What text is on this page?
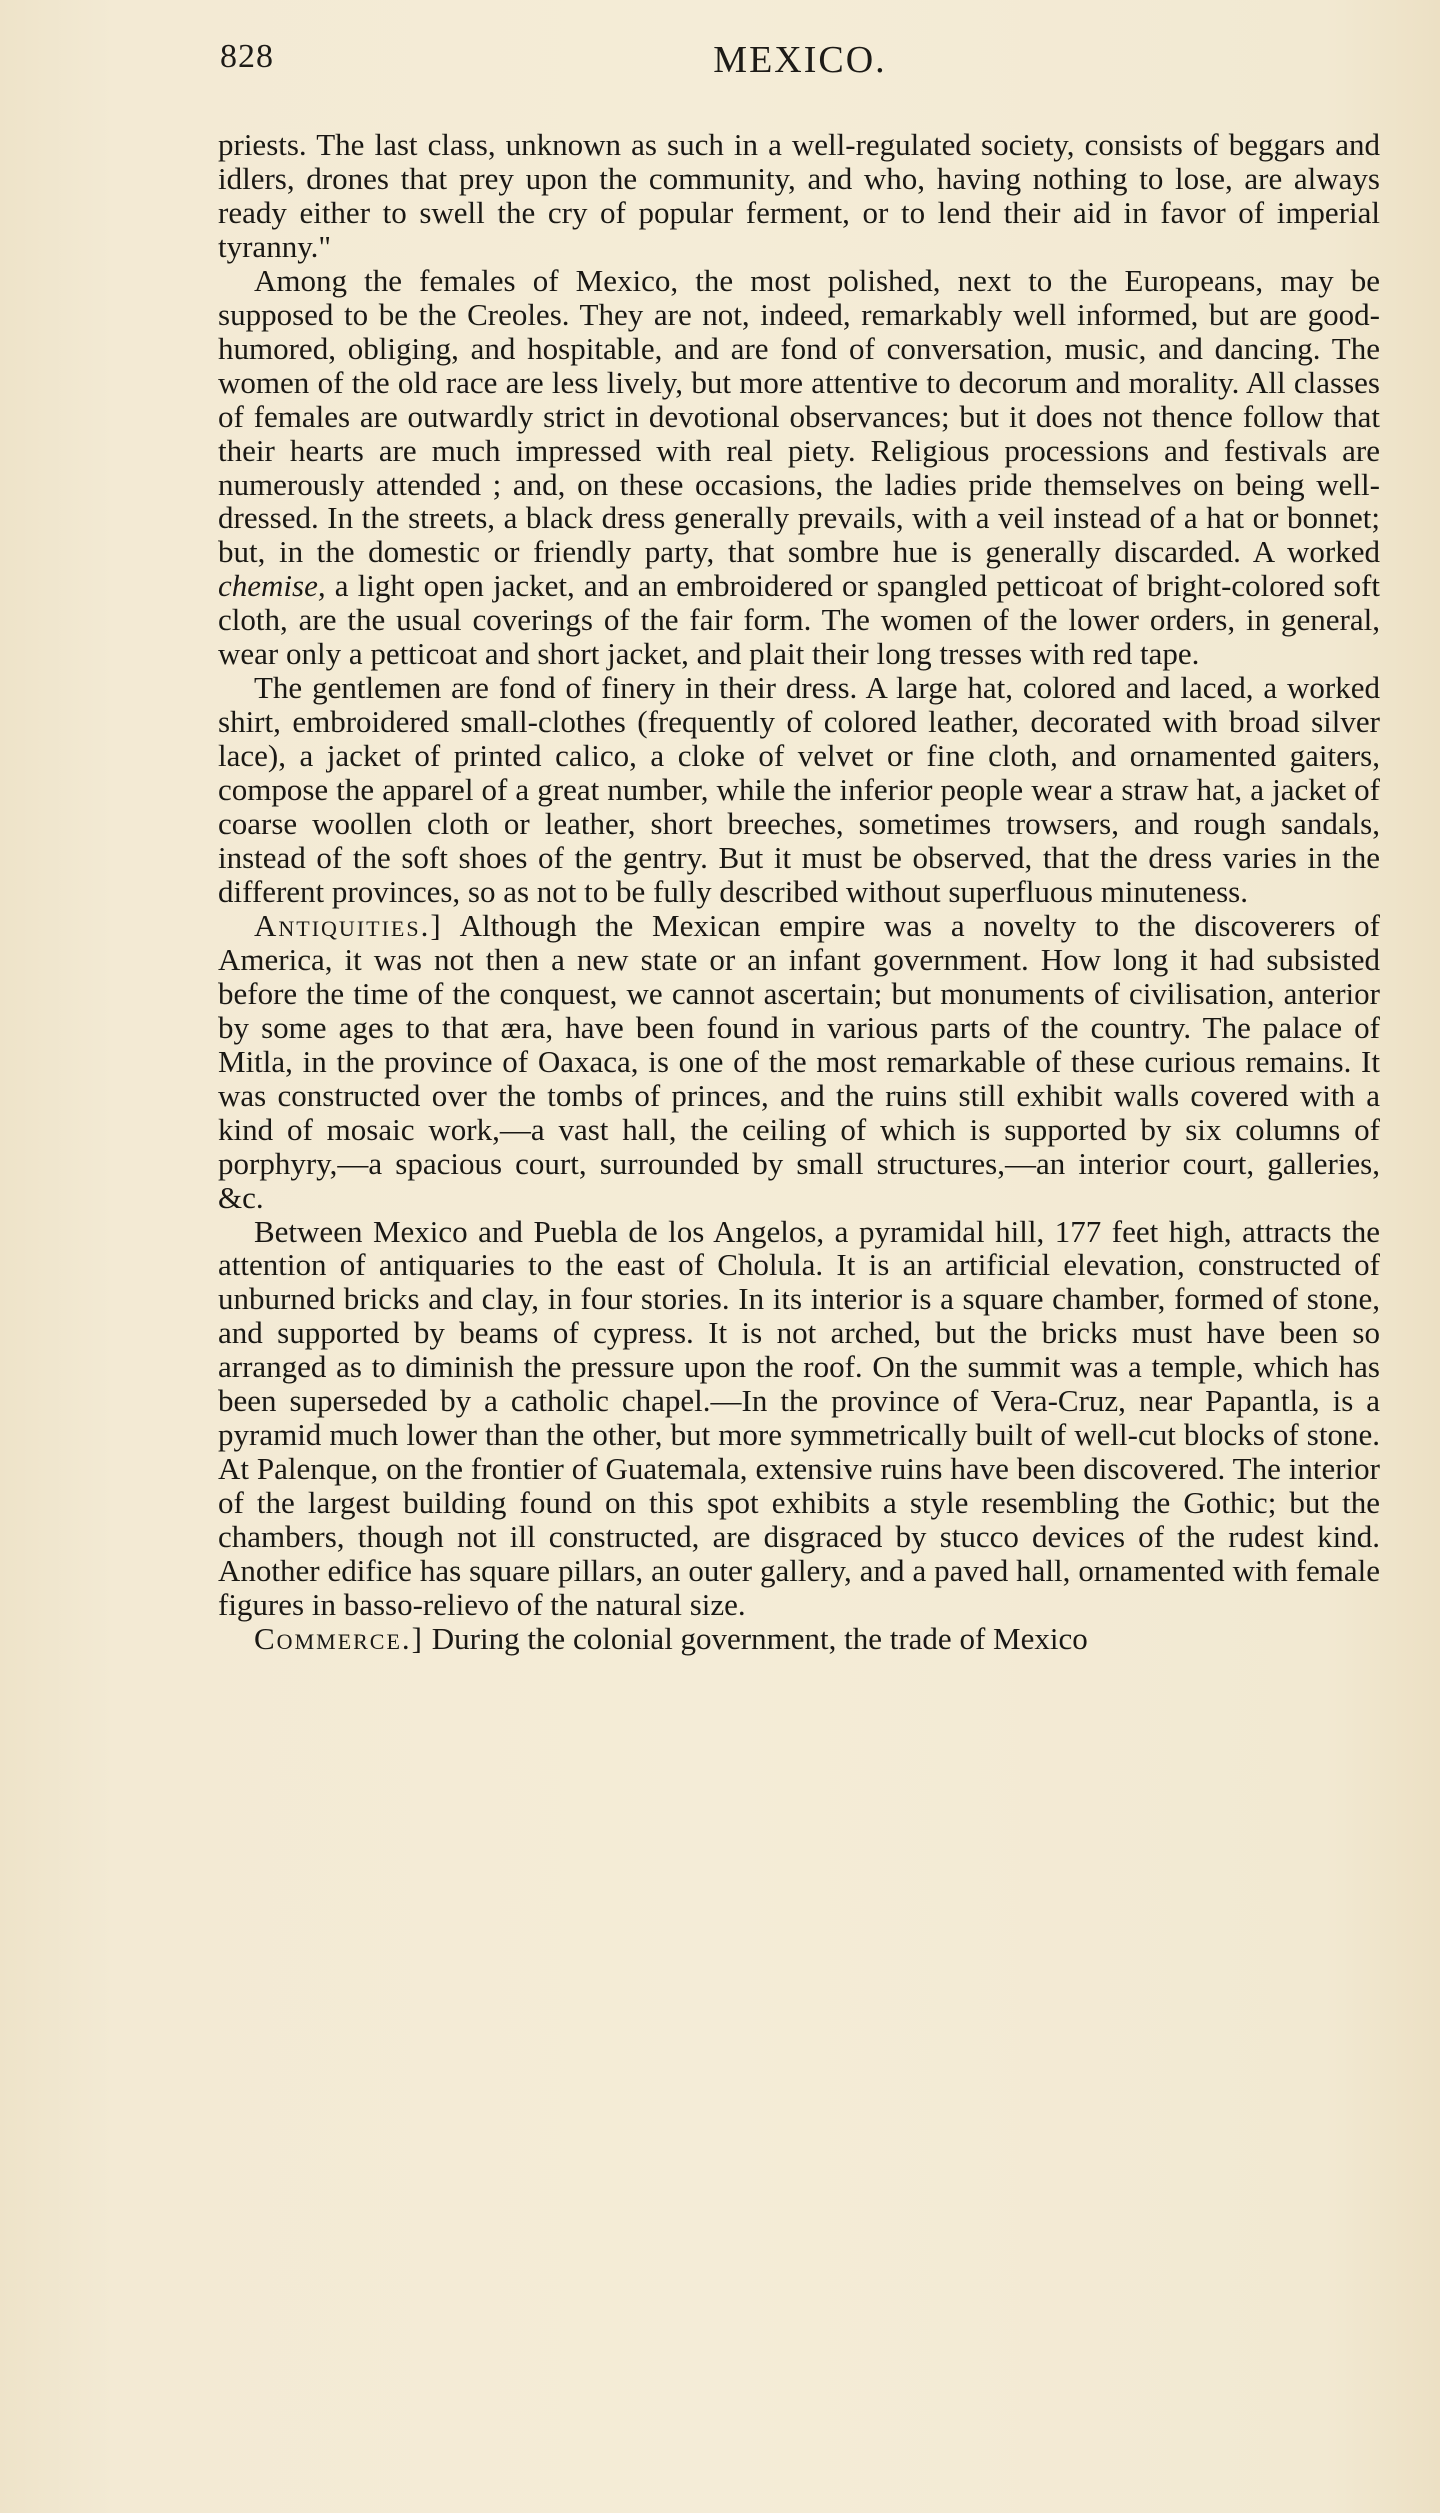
828	MEXICO.

priests. The last class, unknown as such in a well-regulated society, consists of beggars and idlers, drones that prey upon the community, and who, having nothing to lose, are always ready either to swell the cry of popular ferment, or to lend their aid in favor of imperial tyranny."

Among the females of Mexico, the most polished, next to the Europeans, may be supposed to be the Creoles. They are not, indeed, remarkably well informed, but are good-humored, obliging, and hospitable, and are fond of conversation, music, and dancing. The women of the old race are less lively, but more attentive to decorum and morality. All classes of females are outwardly strict in devotional observances; but it does not thence follow that their hearts are much impressed with real piety. Religious processions and festivals are numerously attended ; and, on these occasions, the ladies pride themselves on being well-dressed. In the streets, a black dress generally prevails, with a veil instead of a hat or bonnet; but, in the domestic or friendly party, that sombre hue is generally discarded. A worked chemise, a light open jacket, and an embroidered or spangled petticoat of bright-colored soft cloth, are the usual coverings of the fair form. The women of the lower orders, in general, wear only a petticoat and short jacket, and plait their long tresses with red tape.

The gentlemen are fond of finery in their dress. A large hat, colored and laced, a worked shirt, embroidered small-clothes (frequently of colored leather, decorated with broad silver lace), a jacket of printed calico, a cloke of velvet or fine cloth, and ornamented gaiters, compose the apparel of a great number, while the inferior people wear a straw hat, a jacket of coarse woollen cloth or leather, short breeches, sometimes trowsers, and rough sandals, instead of the soft shoes of the gentry. But it must be observed, that the dress varies in the different provinces, so as not to be fully described without superfluous minuteness.

Antiquities.] Although the Mexican empire was a novelty to the discoverers of America, it was not then a new state or an infant government. How long it had subsisted before the time of the conquest, we cannot ascertain; but monuments of civilisation, anterior by some ages to that æra, have been found in various parts of the country. The palace of Mitla, in the province of Oaxaca, is one of the most remarkable of these curious remains. It was constructed over the tombs of princes, and the ruins still exhibit walls covered with a kind of mosaic work,—a vast hall, the ceiling of which is supported by six columns of porphyry,—a spacious court, surrounded by small structures,—an interior court, galleries, &c.

Between Mexico and Puebla de los Angelos, a pyramidal hill, 177 feet high, attracts the attention of antiquaries to the east of Cholula. It is an artificial elevation, constructed of unburned bricks and clay, in four stories. In its interior is a square chamber, formed of stone, and supported by beams of cypress. It is not arched, but the bricks must have been so arranged as to diminish the pressure upon the roof. On the summit was a temple, which has been superseded by a catholic chapel.—In the province of Vera-Cruz, near Papantla, is a pyramid much lower than the other, but more symmetrically built of well-cut blocks of stone. At Palenque, on the frontier of Guatemala, extensive ruins have been discovered. The interior of the largest building found on this spot exhibits a style resembling the Gothic; but the chambers, though not ill constructed, are disgraced by stucco devices of the rudest kind. Another edifice has square pillars, an outer gallery, and a paved hall, ornamented with female figures in basso-relievo of the natural size.

Commerce.] During the colonial government, the trade of Mexico
